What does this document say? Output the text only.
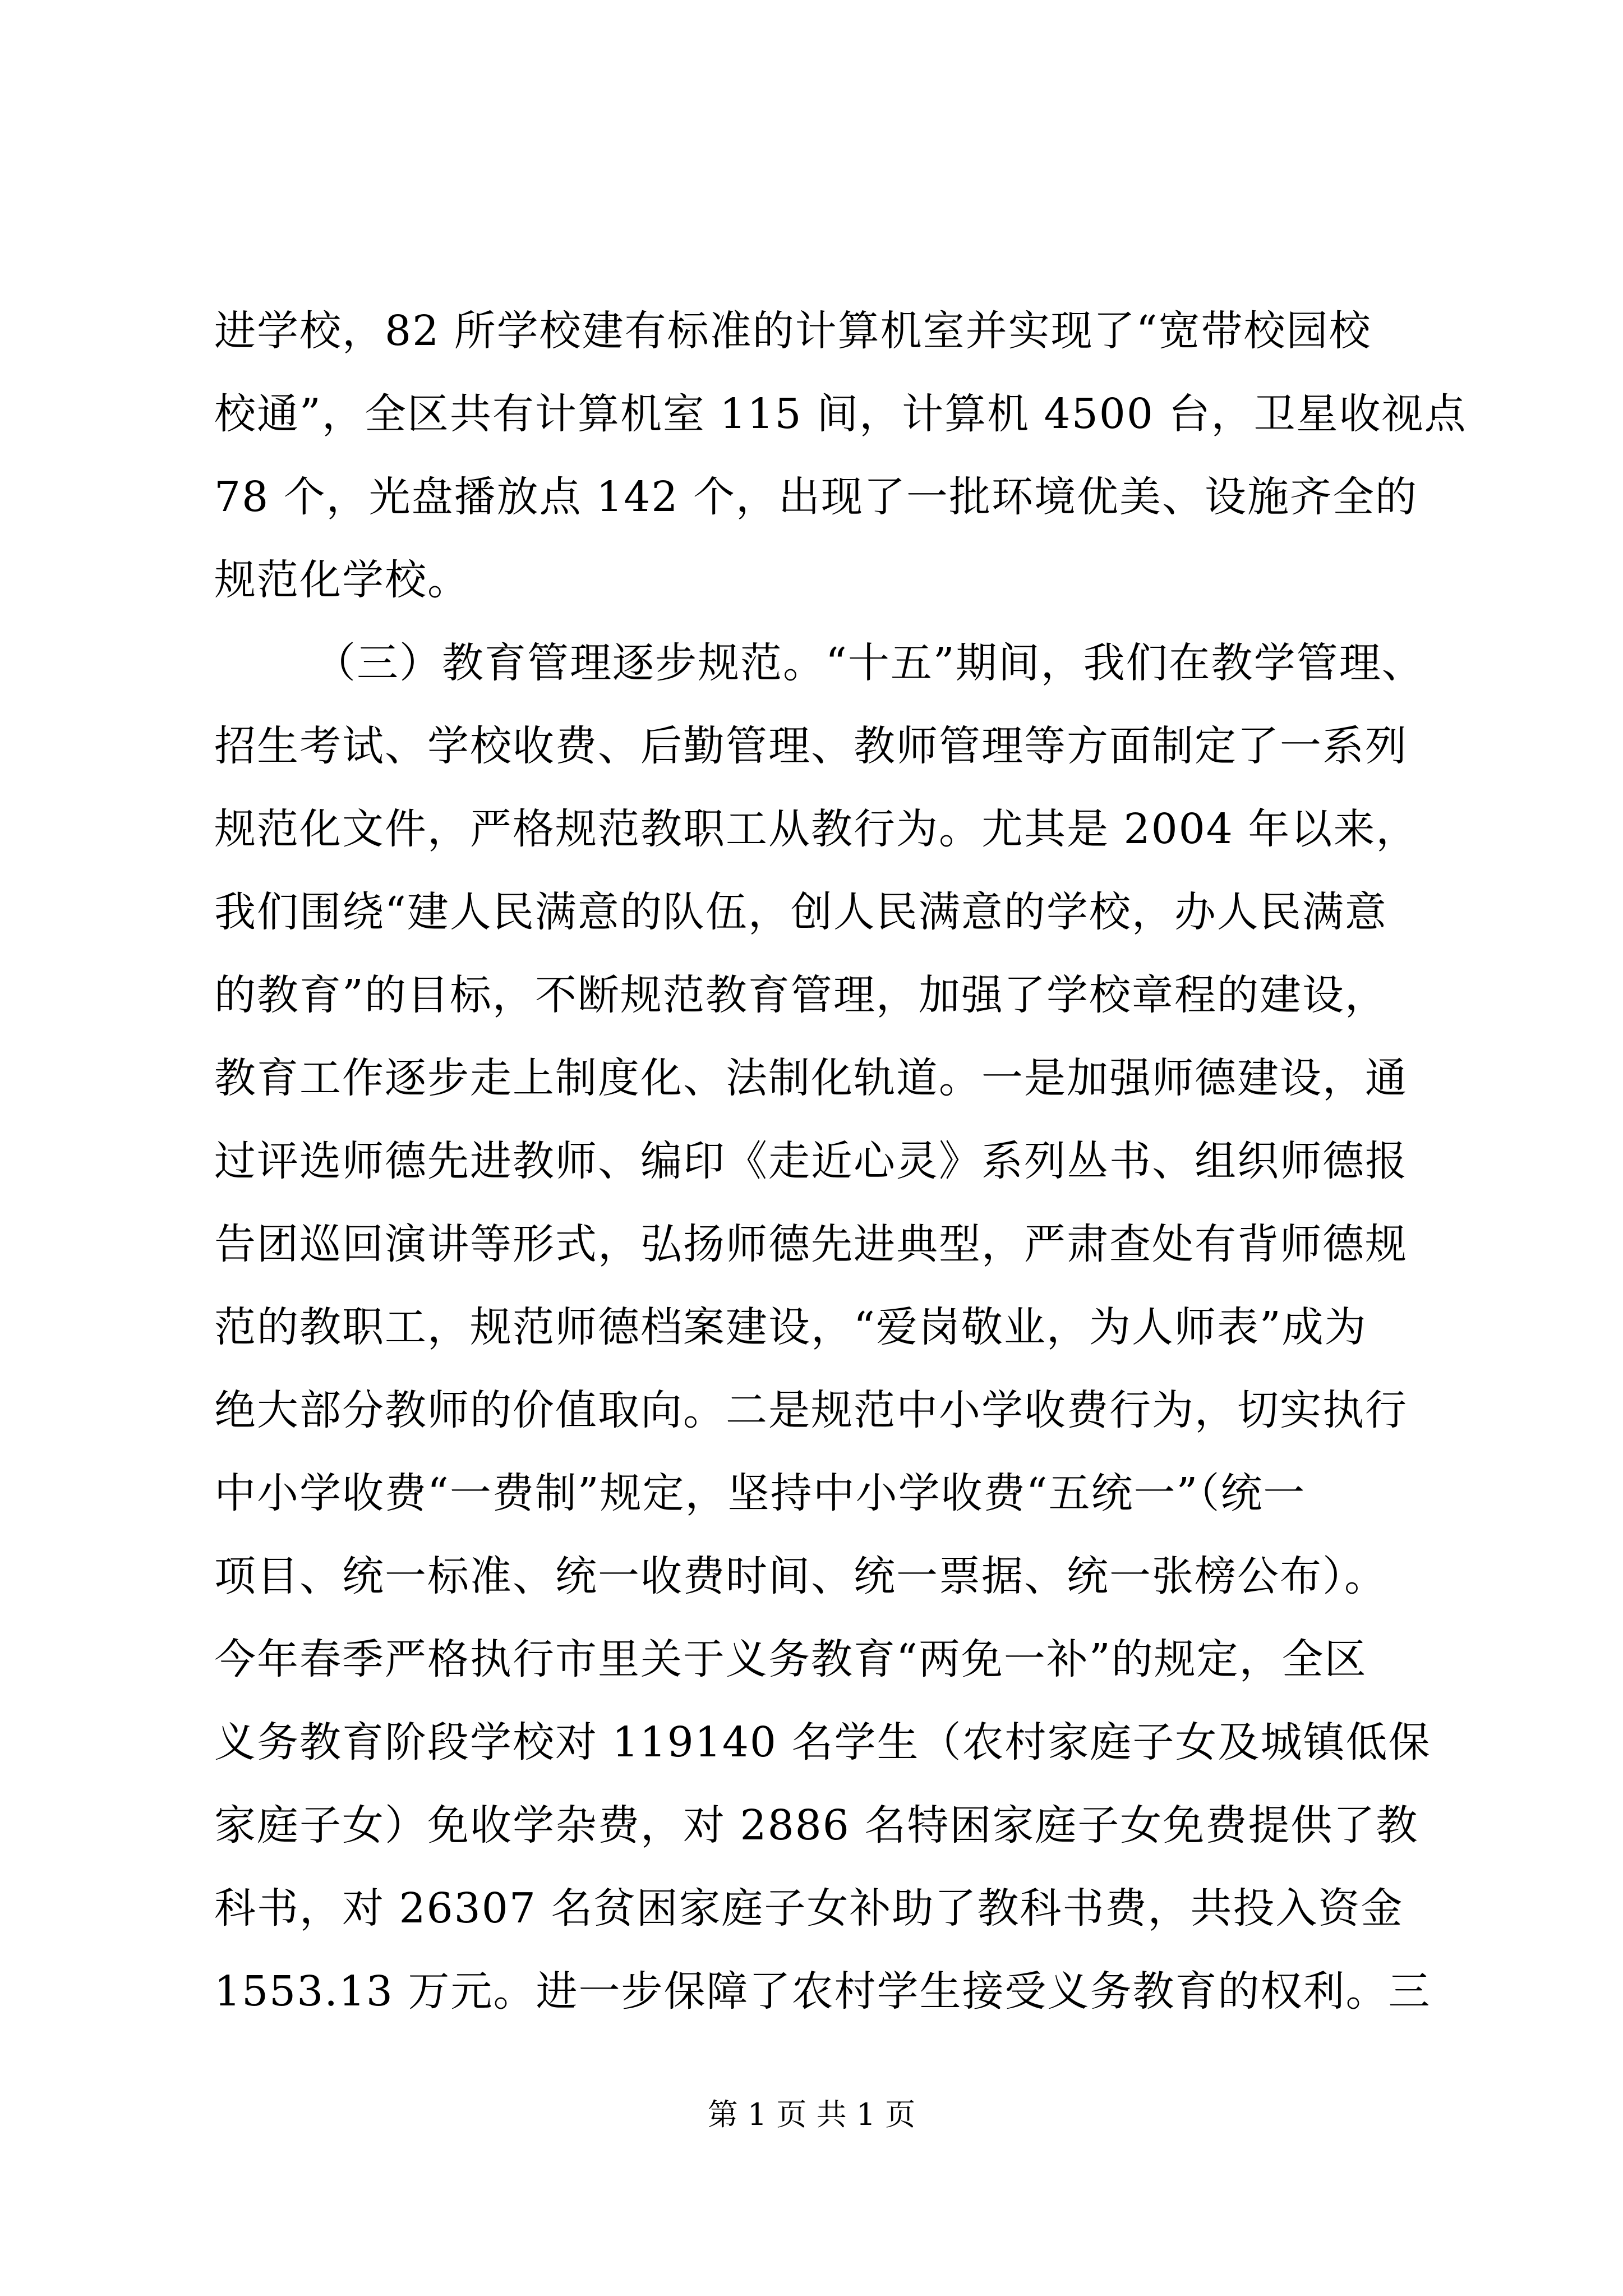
进学校，82 所学校建有标准的计算机室并实现了“宽带校园校
校通”，全区共有计算机室 115 间，计算机 4500 台，卫星收视点
78 个，光盘播放点 142 个，出现了一批环境优美、设施齐全的
规范化学校。
（三）教育管理逐步规范。“十五”期间，我们在教学管理、
招生考试、学校收费、后勤管理、教师管理等方面制定了一系列
规范化文件，严格规范教职工从教行为。尤其是 2004 年以来，
我们围绕“建人民满意的队伍，创人民满意的学校，办人民满意
的教育”的目标，不断规范教育管理，加强了学校章程的建设，
教育工作逐步走上制度化、法制化轨道。一是加强师德建设，通
过评选师德先进教师、编印《走近心灵》系列丛书、组织师德报
告团巡回演讲等形式，弘扬师德先进典型，严肃查处有背师德规
范的教职工，规范师德档案建设，“爱岗敬业，为人师表”成为
绝大部分教师的价值取向。二是规范中小学收费行为，切实执行
中小学收费“一费制”规定，坚持中小学收费“五统一”（统一
项目、统一标准、统一收费时间、统一票据、统一张榜公布）。
今年春季严格执行市里关于义务教育“两免一补”的规定，全区
义务教育阶段学校对 119140 名学生（农村家庭子女及城镇低保
家庭子女）免收学杂费，对 2886 名特困家庭子女免费提供了教
科书，对 26307 名贫困家庭子女补助了教科书费，共投入资金
1553.13 万元。进一步保障了农村学生接受义务教育的权利。三
第 1 页 共 1 页
